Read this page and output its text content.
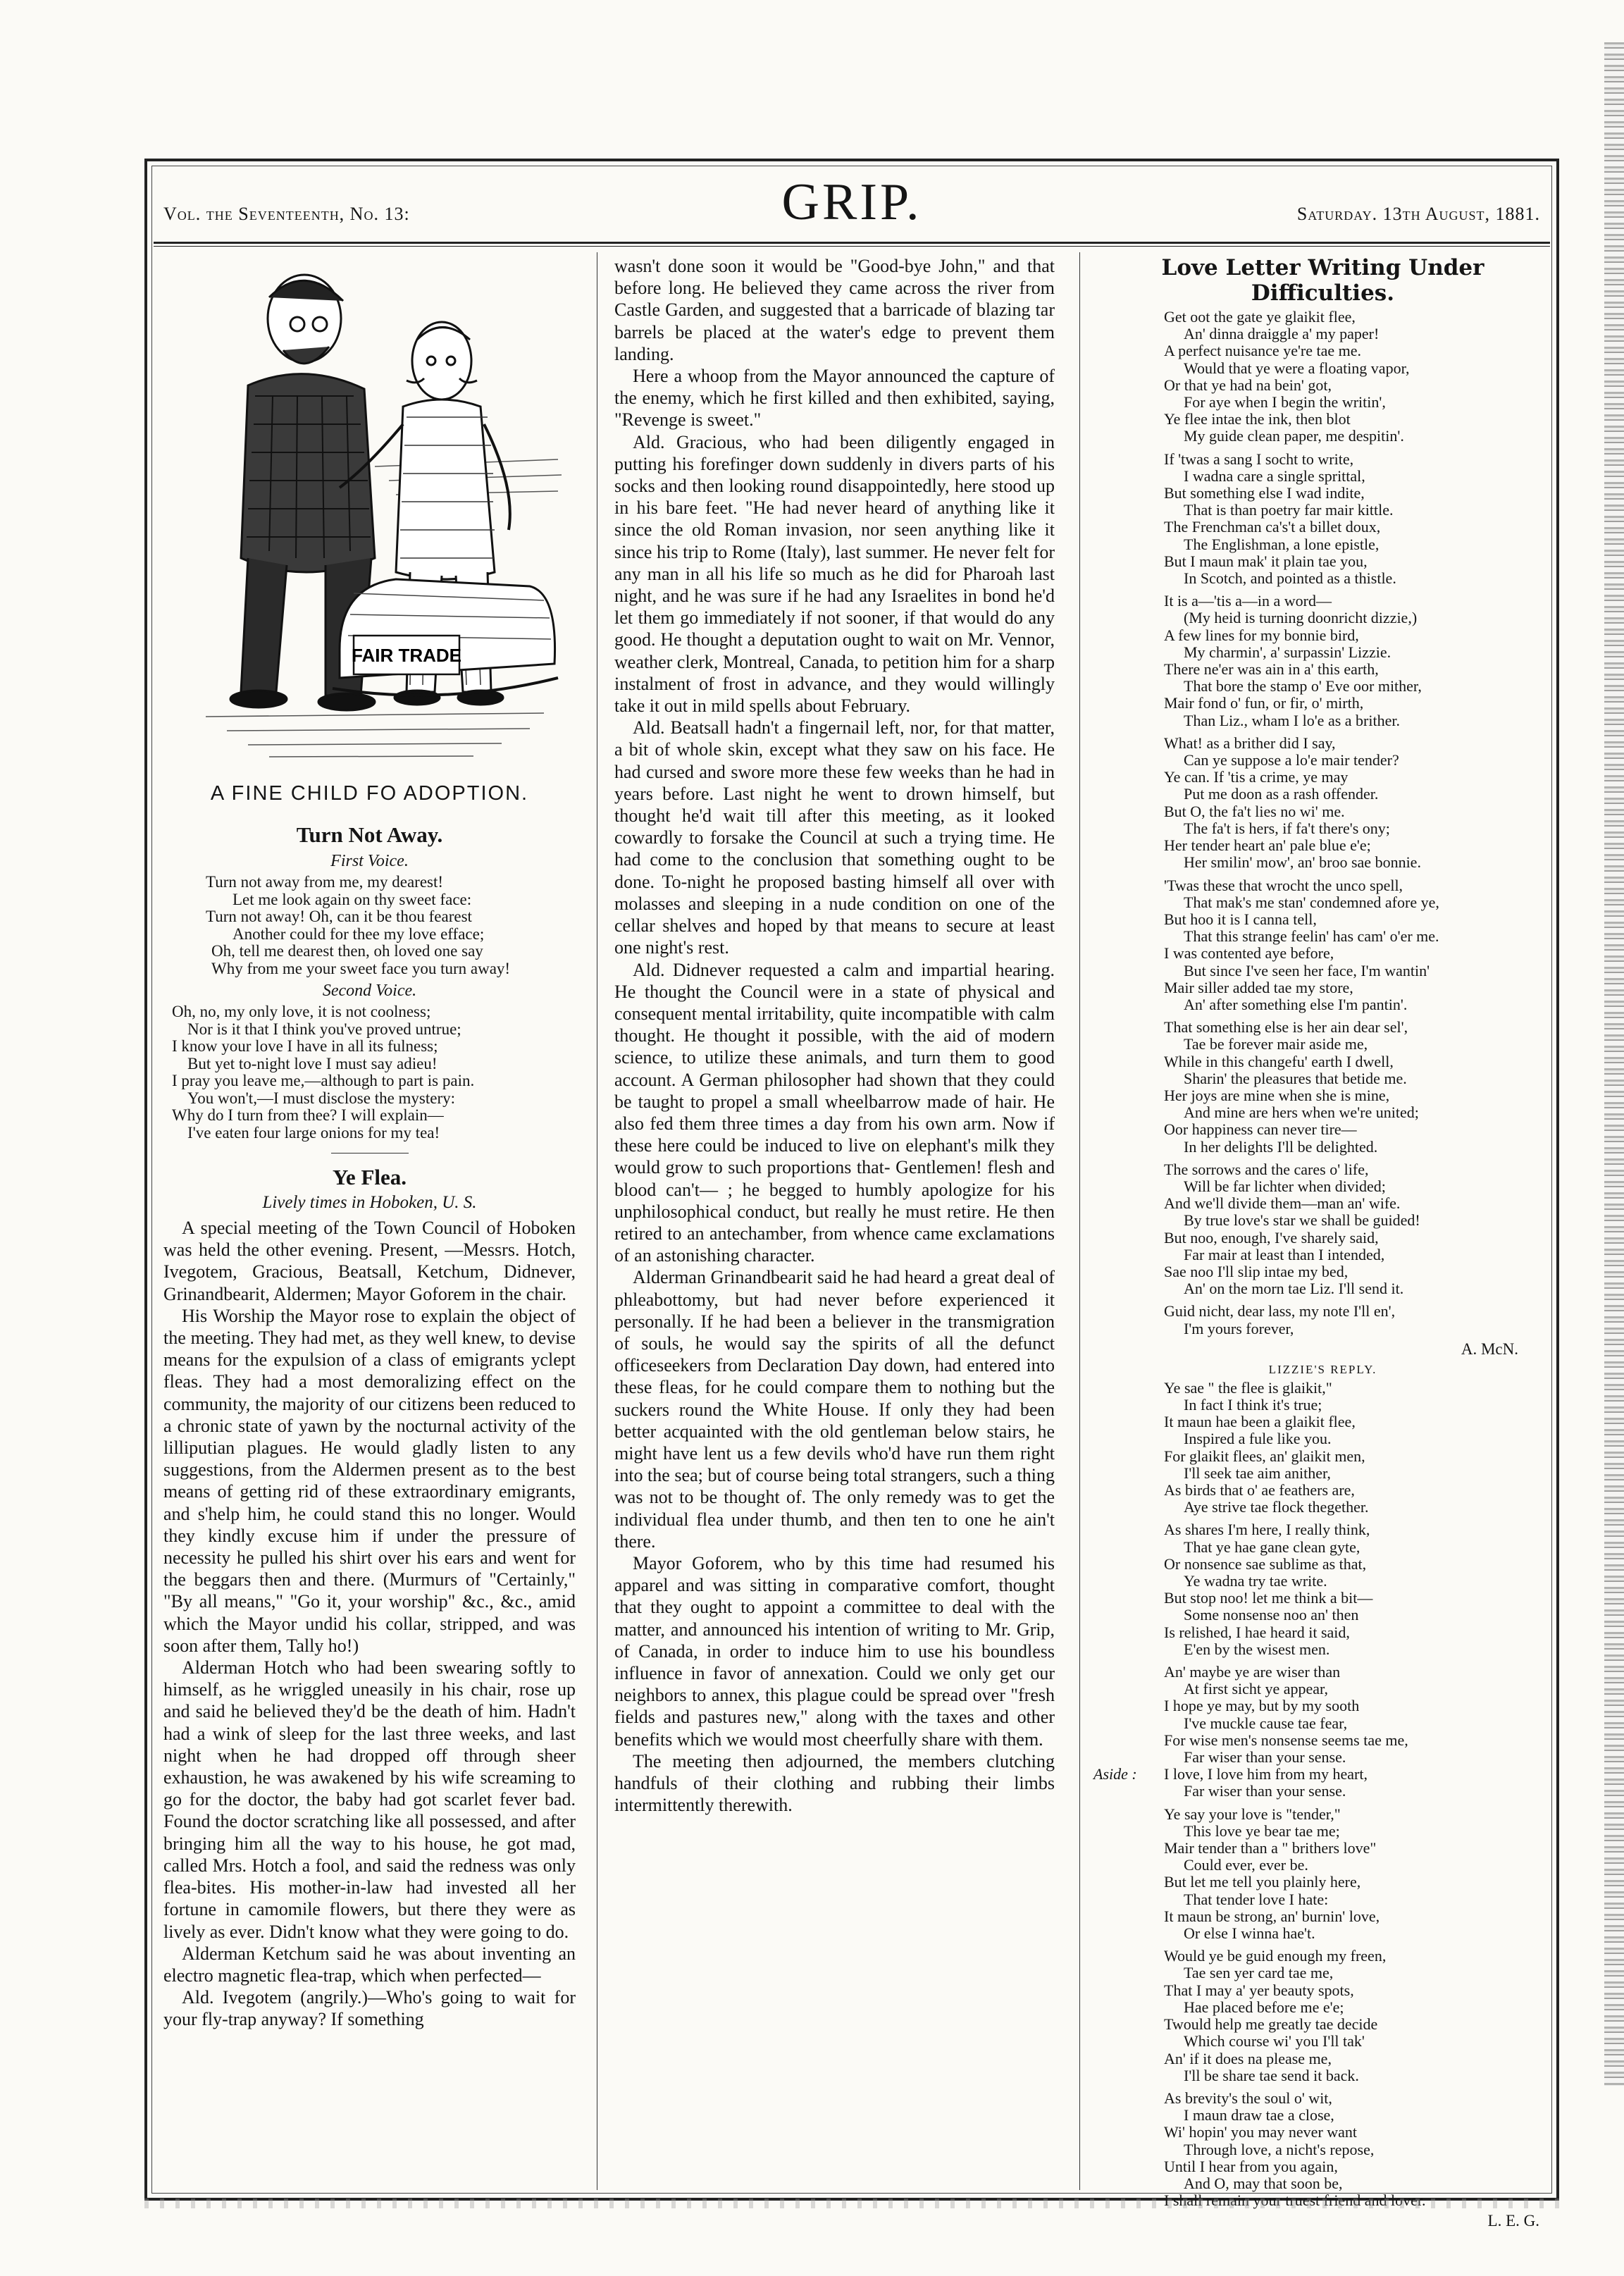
Vol. the Seventeenth, No. 13:	GRIP.	Saturday. 13th August, 1881.
FAIR TRADE
A FINE CHILD FO ADOPTION.
Turn Not Away.
First Voice.
Turn not away from me, my dearest!
Let me look again on thy sweet face:
Turn not away! Oh, can it be thou fearest
Another could for thee my love efface;
Oh, tell me dearest then, oh loved one say
Why from me your sweet face you turn away!
Second Voice.
Oh, no, my only love, it is not coolness;
Nor is it that I think you've proved untrue;
I know your love I have in all its fulness;
But yet to-night love I must say adieu!
I pray you leave me,—although to part is pain.
You won't,—I must disclose the mystery:
Why do I turn from thee? I will explain—
I've eaten four large onions for my tea!
Ye Flea.
Lively times in Hoboken, U. S.

A special meeting of the Town Council of Hoboken was held the other evening. Present, —Messrs. Hotch, Ivegotem, Gracious, Beatsall, Ketchum, Didnever, Grinandbearit, Aldermen; Mayor Goforem in the chair.

His Worship the Mayor rose to explain the object of the meeting. They had met, as they well knew, to devise means for the expulsion of a class of emigrants yclept fleas. They had a most demoralizing effect on the community, the majority of our citizens been reduced to a chronic state of yawn by the nocturnal activity of the lilliputian plagues. He would gladly listen to any suggestions, from the Aldermen present as to the best means of getting rid of these extraordinary emigrants, and s'help him, he could stand this no longer. Would they kindly excuse him if under the pressure of necessity he pulled his shirt over his ears and went for the beggars then and there. (Murmurs of "Certainly," "By all means," "Go it, your worship" &c., &c., amid which the Mayor undid his collar, stripped, and was soon after them, Tally ho!)

Alderman Hotch who had been swearing softly to himself, as he wriggled uneasily in his chair, rose up and said he believed they'd be the death of him. Hadn't had a wink of sleep for the last three weeks, and last night when he had dropped off through sheer exhaustion, he was awakened by his wife screaming to go for the doctor, the baby had got scarlet fever bad. Found the doctor scratching like all possessed, and after bringing him all the way to his house, he got mad, called Mrs. Hotch a fool, and said the redness was only flea-bites. His mother-in-law had invested all her fortune in camomile flowers, but there they were as lively as ever. Didn't know what they were going to do.

Alderman Ketchum said he was about inventing an electro magnetic flea-trap, which when perfected—

Ald. Ivegotem (angrily.)—Who's going to wait for your fly-trap anyway? If something

wasn't done soon it would be "Good-bye John," and that before long. He believed they came across the river from Castle Garden, and suggested that a barricade of blazing tar barrels be placed at the water's edge to prevent them landing.

Here a whoop from the Mayor announced the capture of the enemy, which he first killed and then exhibited, saying, "Revenge is sweet."

Ald. Gracious, who had been diligently engaged in putting his forefinger down suddenly in divers parts of his socks and then looking round disappointedly, here stood up in his bare feet. "He had never heard of anything like it since the old Roman invasion, nor seen anything like it since his trip to Rome (Italy), last summer. He never felt for any man in all his life so much as he did for Pharoah last night, and he was sure if he had any Israelites in bond he'd let them go immediately if not sooner, if that would do any good. He thought a deputation ought to wait on Mr. Vennor, weather clerk, Montreal, Canada, to petition him for a sharp instalment of frost in advance, and they would willingly take it out in mild spells about February.

Ald. Beatsall hadn't a fingernail left, nor, for that matter, a bit of whole skin, except what they saw on his face. He had cursed and swore more these few weeks than he had in years before. Last night he went to drown himself, but thought he'd wait till after this meeting, as it looked cowardly to forsake the Council at such a trying time. He had come to the conclusion that something ought to be done. To-night he proposed basting himself all over with molasses and sleeping in a nude condition on one of the cellar shelves and hoped by that means to secure at least one night's rest.

Ald. Didnever requested a calm and impartial hearing. He thought the Council were in a state of physical and consequent mental irritability, quite incompatible with calm thought. He thought it possible, with the aid of modern science, to utilize these animals, and turn them to good account. A German philosopher had shown that they could be taught to propel a small wheelbarrow made of hair. He also fed them three times a day from his own arm. Now if these here could be induced to live on elephant's milk they would grow to such proportions that- Gentlemen! flesh and blood can't— ; he begged to humbly apologize for his unphilosophical conduct, but really he must retire. He then retired to an antechamber, from whence came exclamations of an astonishing character.

Alderman Grinandbearit said he had heard a great deal of phleabottomy, but had never before experienced it personally. If he had been a believer in the transmigration of souls, he would say the spirits of all the defunct officeseekers from Declaration Day down, had entered into these fleas, for he could compare them to nothing but the suckers round the White House. If only they had been better acquainted with the old gentleman below stairs, he might have lent us a few devils who'd have run them right into the sea; but of course being total strangers, such a thing was not to be thought of. The only remedy was to get the individual flea under thumb, and then ten to one he ain't there.

Mayor Goforem, who by this time had resumed his apparel and was sitting in comparative comfort, thought that they ought to appoint a committee to deal with the matter, and announced his intention of writing to Mr. Grip, of Canada, in order to induce him to use his boundless influence in favor of annexation. Could we only get our neighbors to annex, this plague could be spread over "fresh fields and pastures new," along with the taxes and other benefits which we would most cheerfully share with them.

The meeting then adjourned, the members clutching handfuls of their clothing and rubbing their limbs intermittently therewith.

Love Letter Writing Under Difficulties.
Get oot the gate ye glaikit flee,
An' dinna draiggle a' my paper!
A perfect nuisance ye're tae me.
Would that ye were a floating vapor,
Or that ye had na bein' got,
For aye when I begin the writin',
Ye flee intae the ink, then blot
My guide clean paper, me despitin'.
If 'twas a sang I socht to write,
I wadna care a single sprittal,
But something else I wad indite,
That is than poetry far mair kittle.
The Frenchman ca's't a billet doux,
The Englishman, a lone epistle,
But I maun mak' it plain tae you,
In Scotch, and pointed as a thistle.
It is a—'tis a—in a word—
(My heid is turning doonricht dizzie,)
A few lines for my bonnie bird,
My charmin', a' surpassin' Lizzie.
There ne'er was ain in a' this earth,
That bore the stamp o' Eve oor mither,
Mair fond o' fun, or fir, o' mirth,
Than Liz., wham I lo'e as a brither.
What! as a brither did I say,
Can ye suppose a lo'e mair tender?
Ye can. If 'tis a crime, ye may
Put me doon as a rash offender.
But O, the fa't lies no wi' me.
The fa't is hers, if fa't there's ony;
Her tender heart an' pale blue e'e;
Her smilin' mow', an' broo sae bonnie.
'Twas these that wrocht the unco spell,
That mak's me stan' condemned afore ye,
But hoo it is I canna tell,
That this strange feelin' has cam' o'er me.
I was contented aye before,
But since I've seen her face, I'm wantin'
Mair siller added tae my store,
An' after something else I'm pantin'.
That something else is her ain dear sel',
Tae be forever mair aside me,
While in this changefu' earth I dwell,
Sharin' the pleasures that betide me.
Her joys are mine when she is mine,
And mine are hers when we're united;
Oor happiness can never tire—
In her delights I'll be delighted.
The sorrows and the cares o' life,
Will be far lichter when divided;
And we'll divide them—man an' wife.
By true love's star we shall be guided!
But noo, enough, I've sharely said,
Far mair at least than I intended,
Sae noo I'll slip intae my bed,
An' on the morn tae Liz. I'll send it.
Guid nicht, dear lass, my note I'll en',
I'm yours forever,
A. McN.
LIZZIE'S REPLY.
Ye sae " the flee is glaikit,"
In fact I think it's true;
It maun hae been a glaikit flee,
Inspired a fule like you.
For glaikit flees, an' glaikit men,
I'll seek tae aim anither,
As birds that o' ae feathers are,
Aye strive tae flock thegether.
As shares I'm here, I really think,
That ye hae gane clean gyte,
Or nonsence sae sublime as that,
Ye wadna try tae write.
But stop noo! let me think a bit—
Some nonsense noo an' then
Is relished, I hae heard it said,
E'en by the wisest men.
An' maybe ye are wiser than
At first sicht ye appear,
I hope ye may, but by my sooth
I've muckle cause tae fear,
For wise men's nonsense seems tae me,
Far wiser than your sense.
Aside : I love, I love him from my heart,
Far wiser than your sense.
Ye say your love is "tender,"
This love ye bear tae me;
Mair tender than a " brithers love"
Could ever, ever be.
But let me tell you plainly here,
That tender love I hate:
It maun be strong, an' burnin' love,
Or else I winna hae't.
Would ye be guid enough my freen,
Tae sen yer card tae me,
That I may a' yer beauty spots,
Hae placed before me e'e;
Twould help me greatly tae decide
Which course wi' you I'll tak'
An' if it does na please me,
I'll be share tae send it back.
As brevity's the soul o' wit,
I maun draw tae a close,
Wi' hopin' you may never want
Through love, a nicht's repose,
Until I hear from you again,
And O, may that soon be,
I shall remain your truest friend and lover.
L. E. G.
